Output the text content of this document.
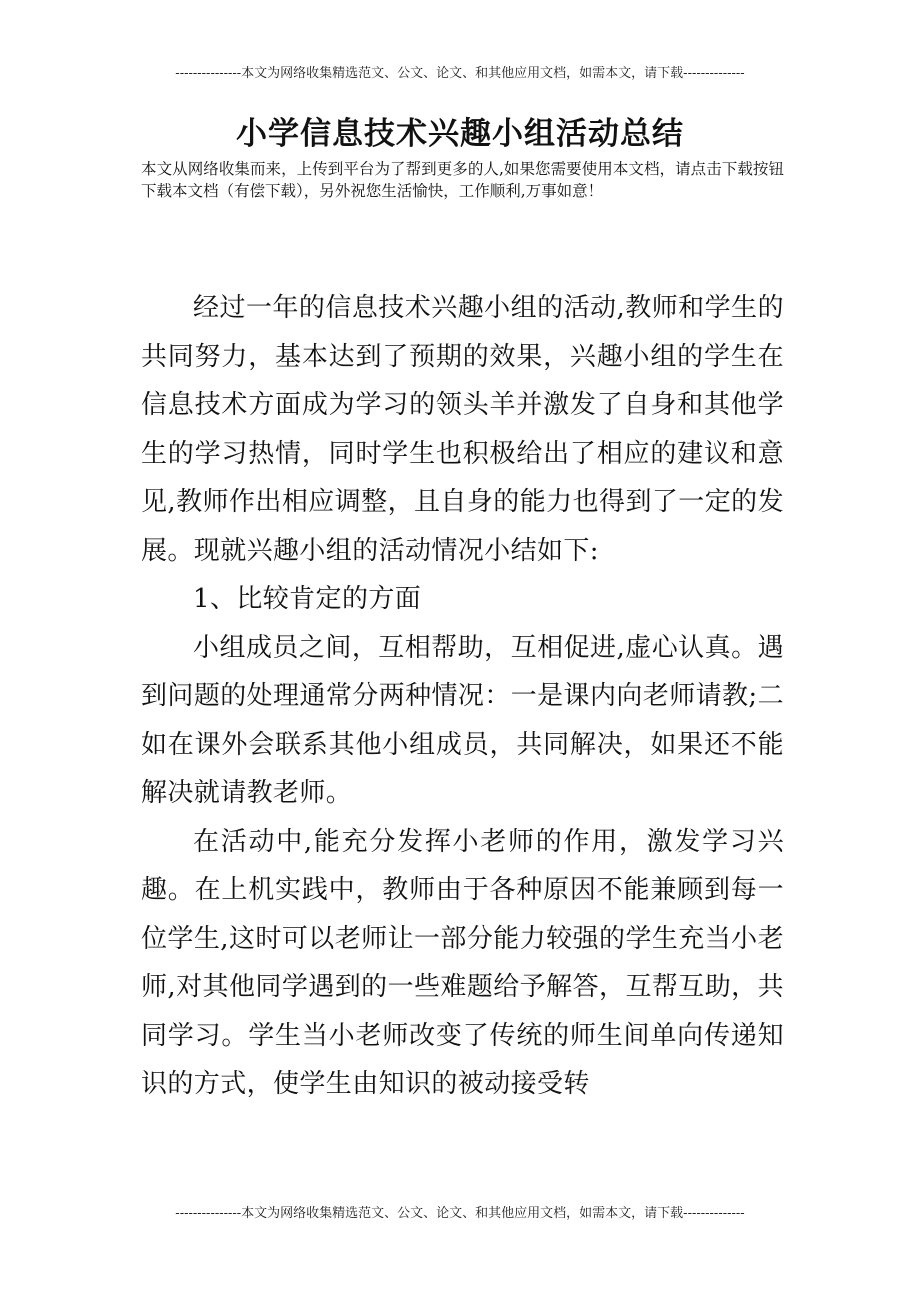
---------------本文为网络收集精选范文、公文、论文、和其他应用文档，如需本文，请下载--------------
小学信息技术兴趣小组活动总结
本文从网络收集而来，上传到平台为了帮到更多的人,如果您需要使用本文档，请点击下载按钮下载本文档（有偿下载），另外祝您生活愉快，工作顺利,万事如意！

经过一年的信息技术兴趣小组的活动,教师和学生的共同努力，基本达到了预期的效果，兴趣小组的学生在信息技术方面成为学习的领头羊并激发了自身和其他学生的学习热情，同时学生也积极给出了相应的建议和意见,教师作出相应调整，且自身的能力也得到了一定的发展。现就兴趣小组的活动情况小结如下:

1、比较肯定的方面

小组成员之间，互相帮助，互相促进,虚心认真。遇到问题的处理通常分两种情况：一是课内向老师请教;二如在课外会联系其他小组成员，共同解决，如果还不能解决就请教老师。

在活动中,能充分发挥小老师的作用，激发学习兴趣。在上机实践中，教师由于各种原因不能兼顾到每一位学生,这时可以老师让一部分能力较强的学生充当小老师,对其他同学遇到的一些难题给予解答，互帮互助，共同学习。学生当小老师改变了传统的师生间单向传递知识的方式，使学生由知识的被动接受转

---------------本文为网络收集精选范文、公文、论文、和其他应用文档，如需本文，请下载--------------
